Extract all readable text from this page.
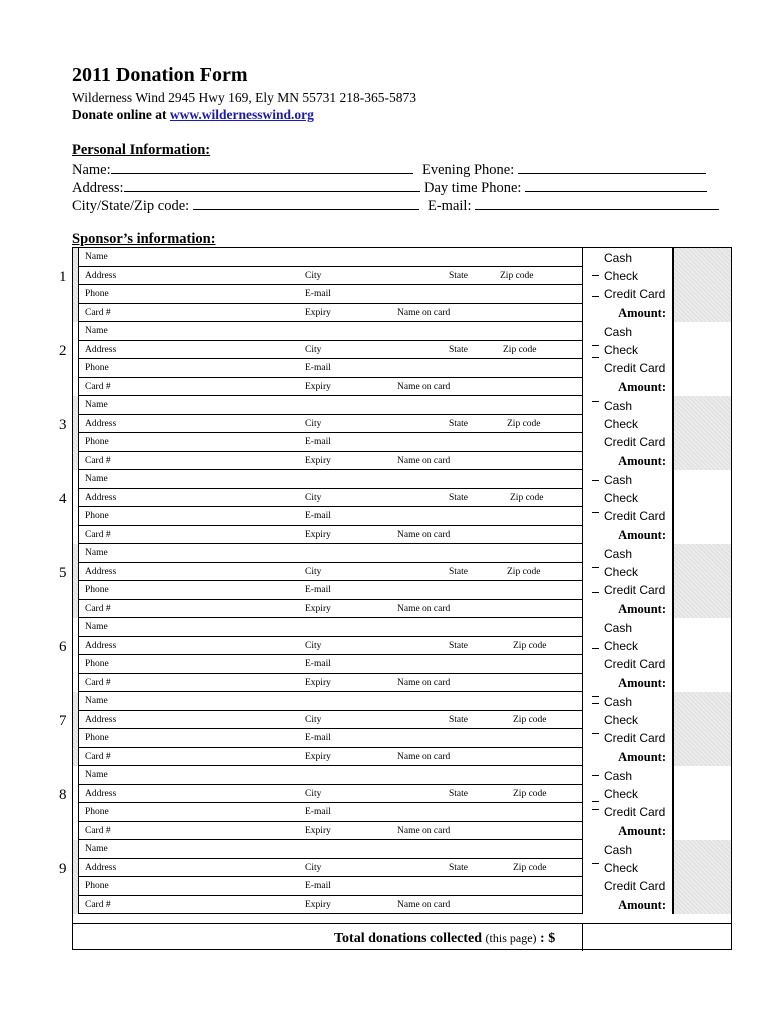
2011 Donation Form
Wilderness Wind 2945 Hwy 169, Ely MN 55731 218-365-5873
Donate online at www.wildernesswind.org
Personal Information:
Name:	Evening Phone:
Address:	Day time Phone:
City/State/Zip code:	E-mail:
Sponsor’s information:
1
Name
Address	City	State	Zip code
Phone	E-mail
Card #	Expiry	Name on card
Cash
Check
Credit Card
Amount:
2
Name
Address	City	State	Zip code
Phone	E-mail
Card #	Expiry	Name on card
Cash
Check
Credit Card
Amount:
3
Name
Address	City	State	Zip code
Phone	E-mail
Card #	Expiry	Name on card
Cash
Check
Credit Card
Amount:
4
Name
Address	City	State	Zip code
Phone	E-mail
Card #	Expiry	Name on card
Cash
Check
Credit Card
Amount:
5
Name
Address	City	State	Zip code
Phone	E-mail
Card #	Expiry	Name on card
Cash
Check
Credit Card
Amount:
6
Name
Address	City	State	Zip code
Phone	E-mail
Card #	Expiry	Name on card
Cash
Check
Credit Card
Amount:
7
Name
Address	City	State	Zip code
Phone	E-mail
Card #	Expiry	Name on card
Cash
Check
Credit Card
Amount:
8
Name
Address	City	State	Zip code
Phone	E-mail
Card #	Expiry	Name on card
Cash
Check
Credit Card
Amount:
9
Name
Address	City	State	Zip code
Phone	E-mail
Card #	Expiry	Name on card
Cash
Check
Credit Card
Amount:
Total donations collected (this page) : $
